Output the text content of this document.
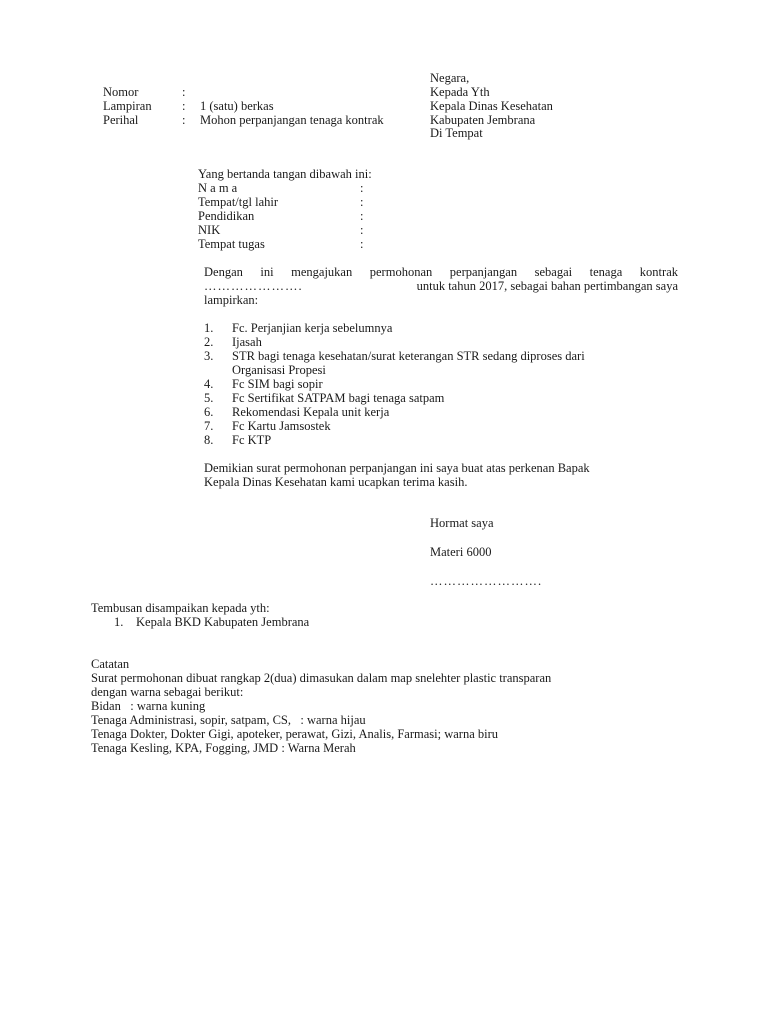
Nomor	:
Lampiran : 1 (satu) berkas
Perihal	: Mohon perpanjangan tenaga kontrak
Negara,
Kepada Yth
Kepala Dinas Kesehatan
Kabupaten Jembrana
Di Tempat
Yang bertanda tangan dibawah ini:
N a m a	:
Tempat/tgl lahir	:
Pendidikan	:
NIK	:
Tempat tugas	:
Dengan ini mengajukan permohonan perpanjangan sebagai tenaga kontrak
………………….	untuk tahun 2017, sebagai bahan pertimbangan saya
lampirkan:
1. Fc. Perjanjian kerja sebelumnya
2. Ijasah
3. STR bagi tenaga kesehatan/surat keterangan STR sedang diproses dari
Organisasi Propesi
4. Fc SIM bagi sopir
5. Fc Sertifikat SATPAM bagi tenaga satpam
6. Rekomendasi Kepala unit kerja
7. Fc Kartu Jamsostek
8. Fc KTP
Demikian surat permohonan perpanjangan ini saya buat atas perkenan Bapak
Kepala Dinas Kesehatan kami ucapkan terima kasih.
Hormat saya
Materi 6000
…………………….
Tembusan disampaikan kepada yth:
1. Kepala BKD Kabupaten Jembrana
Catatan
Surat permohonan dibuat rangkap 2(dua) dimasukan dalam map snelehter plastic transparan
dengan warna sebagai berikut:
Bidan   : warna kuning
Tenaga Administrasi, sopir, satpam, CS,   : warna hijau
Tenaga Dokter, Dokter Gigi, apoteker, perawat, Gizi, Analis, Farmasi; warna biru
Tenaga Kesling, KPA, Fogging, JMD : Warna Merah
